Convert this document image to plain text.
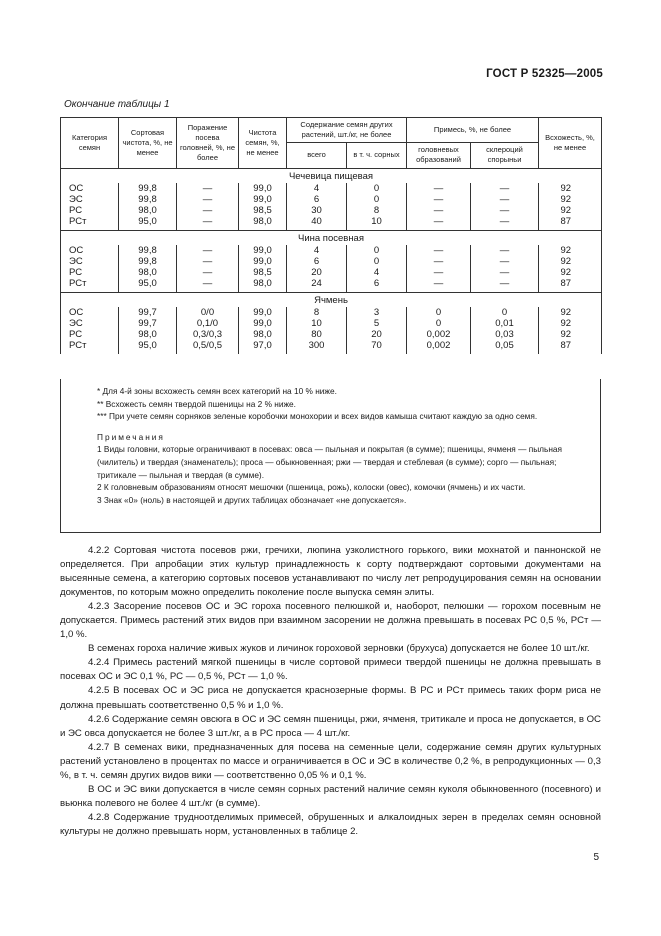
ГОСТ Р 52325—2005
Окончание таблицы 1
Категория семян	Сортовая чистота, %, не менее	Поражение посева головней, %, не более	Чистота семян, %, не менее	Содержание семян других растений, шт./кг, не более		Примесь, %, не более		Всхожесть, %, не менее
				всего	в т. ч. сорных	головневых образований	склероций спорыньи	
Чечевица пищевая								
ОС	99,8	—	99,0	4	0	—	—	92
ЭС	99,8	—	99,0	6	0	—	—	92
РС	98,0	—	98,5	30	8	—	—	92
РСт	95,0	—	98,0	40	10	—	—	87
Чина посевная								
ОС	99,8	—	99,0	4	0	—	—	92
ЭС	99,8	—	99,0	6	0	—	—	92
РС	98,0	—	98,5	20	4	—	—	92
РСт	95,0	—	98,0	24	6	—	—	87
Ячмень								
ОС	99,7	0/0	99,0	8	3	0	0	92
ЭС	99,7	0,1/0	99,0	10	5	0	0,01	92
РС	98,0	0,3/0,3	98,0	80	20	0,002	0,03	92
РСт	95,0	0,5/0,5	97,0	300	70	0,002	0,05	87

* Для 4-й зоны всхожесть семян всех категорий на 10 % ниже.

** Всхожесть семян твердой пшеницы на 2 % ниже.

*** При учете семян сорняков зеленые коробочки монохории и всех видов камыша считают каждую за одно семя.

Примечания

1 Виды головни, которые ограничивают в посевах: овса — пыльная и покрытая (в сумме); пшеницы, ячменя — пыльная (чилитель) и твердая (знаменатель); проса — обыкновенная; ржи — твердая и стеблевая (в сумме); сорго — пыльная; тритикале — пыльная и твердая (в сумме).

2 К головневым образованиям относят мешочки (пшеница, рожь), колоски (овес), комочки (ячмень) и их части.

3 Знак «0» (ноль) в настоящей и других таблицах обозначает «не допускается».

4.2.2 Сортовая чистота посевов ржи, гречихи, люпина узколистного горького, вики мохнатой и паннонской не определяется. При апробации этих культур принадлежность к сорту подтверждают сортовыми документами на высеянные семена, а категорию сортовых посевов устанавливают по числу лет репродуцирования семян на основании документов, по которым можно определить поколение после выпуска семян элиты.

4.2.3 Засорение посевов ОС и ЭС гороха посевного пелюшкой и, наоборот, пелюшки — горохом посевным не допускается. Примесь растений этих видов при взаимном засорении не должна превышать в посевах РС 0,5 %, РСт — 1,0 %.

В семенах гороха наличие живых жуков и личинок гороховой зерновки (брухуса) допускается не более 10 шт./кг.

4.2.4 Примесь растений мягкой пшеницы в числе сортовой примеси твердой пшеницы не должна превышать в посевах ОС и ЭС 0,1 %, РС — 0,5 %, РСт — 1,0 %.

4.2.5 В посевах ОС и ЭС риса не допускается краснозерные формы. В РС и РСт примесь таких форм риса не должна превышать соответственно 0,5 % и 1,0 %.

4.2.6 Содержание семян овсюга в ОС и ЭС семян пшеницы, ржи, ячменя, тритикале и проса не допускается, в ОС и ЭС овса допускается не более 3 шт./кг, а в РС проса — 4 шт./кг.

4.2.7 В семенах вики, предназначенных для посева на семенные цели, содержание семян других культурных растений установлено в процентах по массе и ограничивается в ОС и ЭС в количестве 0,2 %, в репродукционных — 0,3 %, в т. ч. семян других видов вики — соответственно 0,05 % и 0,1 %.

В ОС и ЭС вики допускается в числе семян сорных растений наличие семян куколя обыкновенного (посевного) и вьюнка полевого не более 4 шт./кг (в сумме).

4.2.8 Содержание трудноотделимых примесей, обрушенных и алкалоидных зерен в пределах семян основной культуры не должно превышать норм, установленных в таблице 2.

5
